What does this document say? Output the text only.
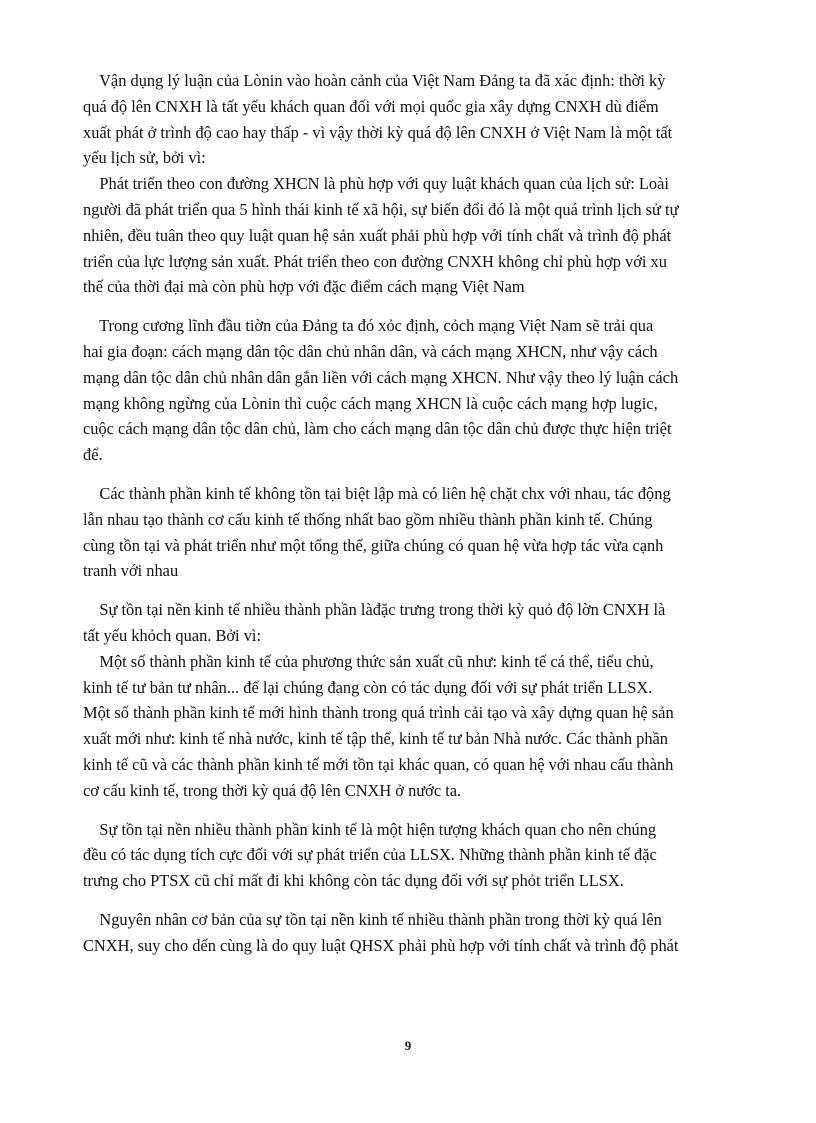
Vận dụng lý luận của Lònin vào hoàn cảnh của Việt Nam Đảng ta đã xác định: thời kỳ
quá độ lên CNXH là tất yếu khách quan đối với mọi quốc gia xây dựng CNXH dù điểm
xuất phát ở trình độ cao hay thấp - vì vậy thời kỳ quá độ lên CNXH ở Việt Nam là một tất
yếu lịch sử, bởi vì:
Phát triển theo con đường XHCN là phù hợp với quy luật khách quan của lịch sử: Loài
người đã phát triển qua 5 hình thái kinh tế xã hội, sự biến đổi đó là một quá trình lịch sử tự
nhiên, đều tuân theo quy luật quan hệ sản xuất phải phù hợp với tính chất và trình độ phát
triển của lực lượng sản xuất. Phát triển theo con đường CNXH không chỉ phù hợp với xu
thế của thời đại mà còn phù hợp với đặc điểm cách mạng Việt Nam
Trong cương lĩnh đầu tiờn của Đảng ta đó xỏc định, cỏch mạng Việt Nam sẽ trải qua
hai gia đoạn: cách mạng dân tộc dân chủ nhân dân, và cách mạng XHCN, như vậy cách
mạng dân tộc dân chủ nhân dân gắn liền với cách mạng XHCN. Như vậy theo lý luận cách
mạng không ngừng của Lònin thì cuộc cách mạng XHCN là cuộc cách mạng hợp lugic,
cuộc cách mạng dân tộc dân chủ, làm cho cách mạng dân tộc dân chủ được thực hiện triệt
để.
Các thành phần kinh tế không tồn tại biệt lập mà có liên hệ chặt chx với nhau, tác động
lẫn nhau tạo thành cơ cấu kinh tế thống nhất bao gồm nhiều thành phần kinh tế. Chúng
cùng tồn tại và phát triển như một tổng thể, giữa chúng có quan hệ vừa hợp tác vừa cạnh
tranh với nhau
Sự tồn tại nền kinh tế nhiều thành phần làđặc trưng trong thời kỳ quỏ độ lờn CNXH là
tất yếu khỏch quan. Bởi vì:
Một số thành phần kinh tế của phương thức sản xuất cũ như: kinh tế cá thể, tiểu chủ,
kinh tế tư bản tư nhân... để lại chúng đang còn có tác dụng đối với sự phát triển LLSX.
Một số thành phần kinh tế mới hình thành trong quá trình cải tạo và xây dựng quan hệ sản
xuất mới như: kinh tế nhà nước, kinh tế tập thể, kinh tế tư bản Nhà nước. Các thành phần
kinh tế cũ và các thành phần kinh tế mới tồn tại khác quan, có quan hệ với nhau cấu thành
cơ cấu kinh tế, trong thời kỳ quá độ lên CNXH ở nước ta.
Sự tồn tại nền nhiều thành phần kinh tế là một hiện tượng khách quan cho nên chúng
đều có tác dụng tích cực đối với sự phát triển của LLSX. Những thành phần kinh tế đặc
trưng cho PTSX cũ chỉ mất đi khi không còn tác dụng đối với sự phỏt triển LLSX.
Nguyên nhân cơ bản của sự tồn tại nền kinh tế nhiều thành phần trong thời kỳ quá lên
CNXH, suy cho dến cùng là do quy luật QHSX phải phù hợp với tính chất và trình độ phát
9
